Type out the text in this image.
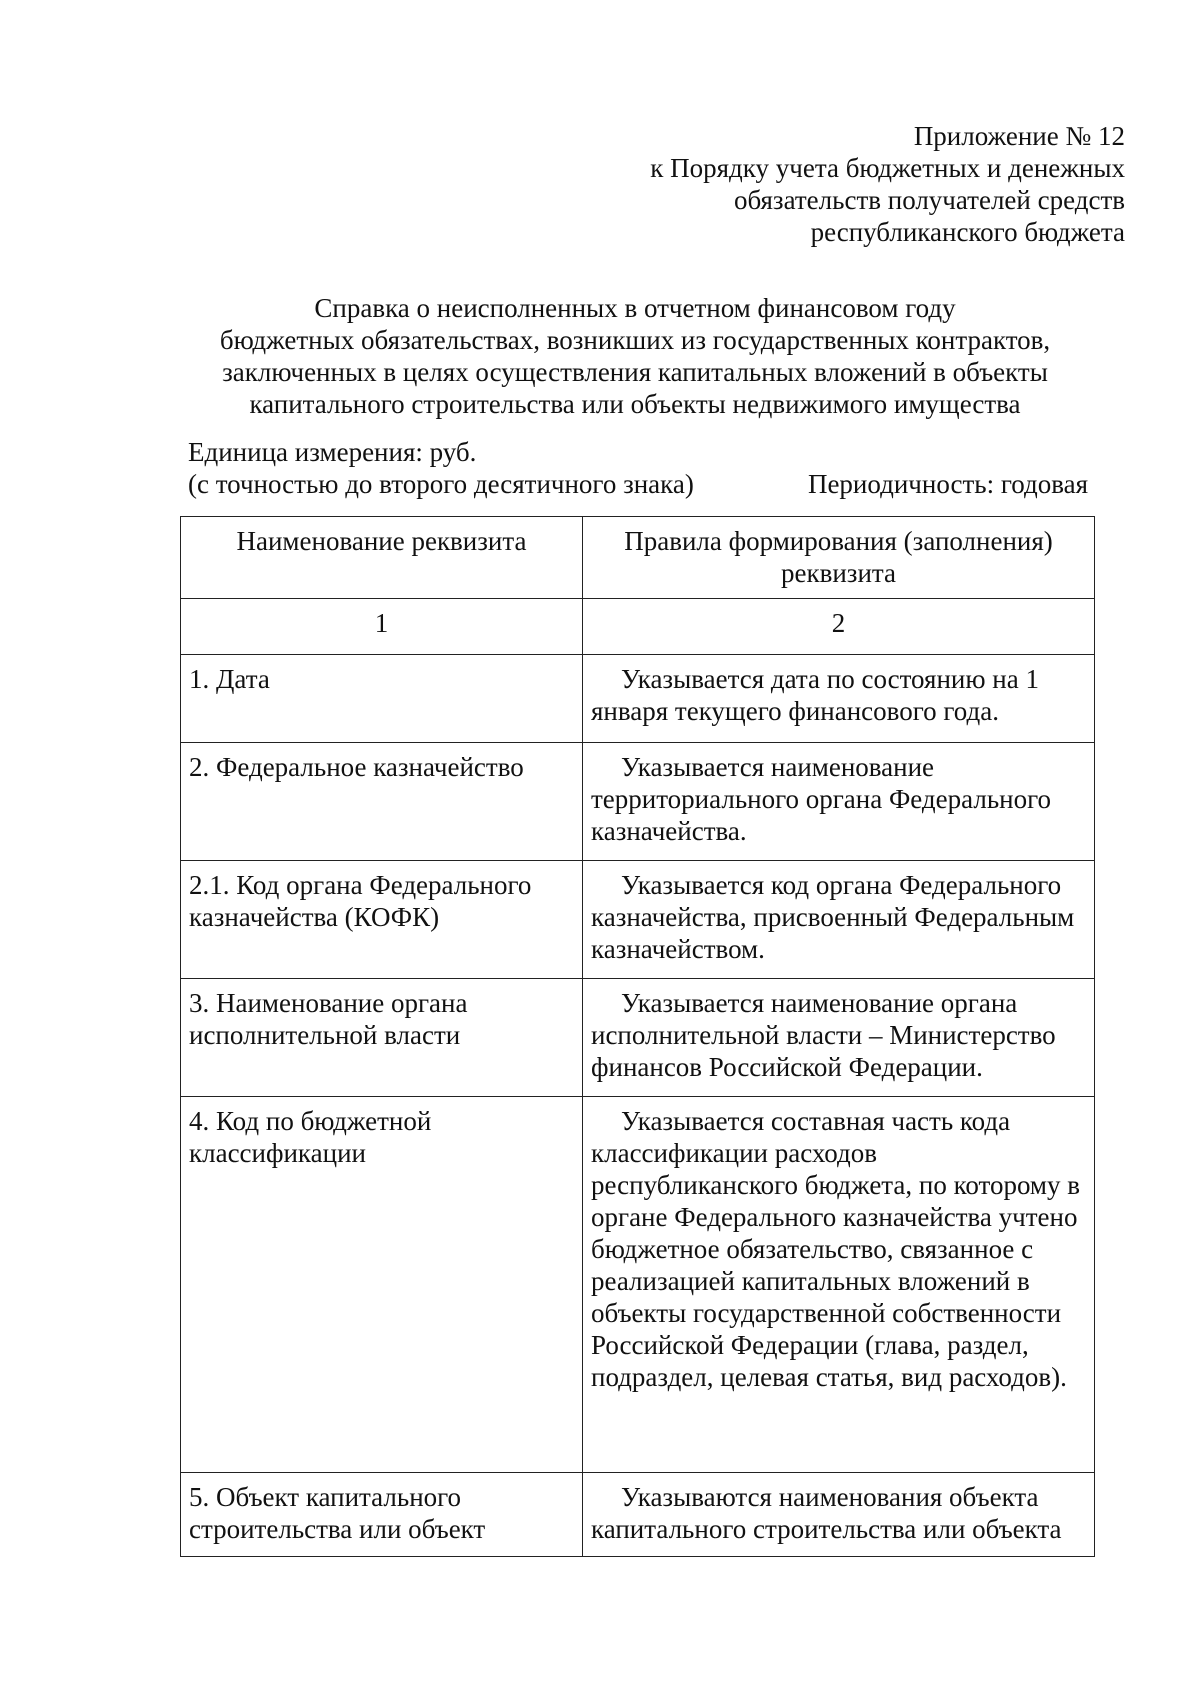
Приложение № 12
к Порядку учета бюджетных и денежных
обязательств получателей средств
республиканского бюджета
Справка о неисполненных в отчетном финансовом году
бюджетных обязательствах, возникших из государственных контрактов,
заключенных в целях осуществления капитальных вложений в объекты
капитального строительства или объекты недвижимого имущества
Единица измерения: руб.
(с точностью до второго десятичного знака)	Периодичность: годовая
Наименование реквизита	Правила формирования (заполнения) реквизита
1	2
1. Дата	Указывается дата по состоянию на 1 января текущего финансового года.
2. Федеральное казначейство	Указывается наименование территориального органа Федерального казначейства.
2.1. Код органа Федерального казначейства (КОФК)	Указывается код органа Федерального казначейства, присвоенный Федеральным казначейством.
3. Наименование органа исполнительной власти	Указывается наименование органа исполнительной власти – Министерство финансов Российской Федерации.
4. Код по бюджетной классификации	Указывается составная часть кода классификации расходов республиканского бюджета, по которому в органе Федерального казначейства учтено бюджетное обязательство, связанное с реализацией капитальных вложений в объекты государственной собственности Российской Федерации (глава, раздел, подраздел, целевая статья, вид расходов).
5. Объект капитального строительства или объект	Указываются наименования объекта капитального строительства или объекта
